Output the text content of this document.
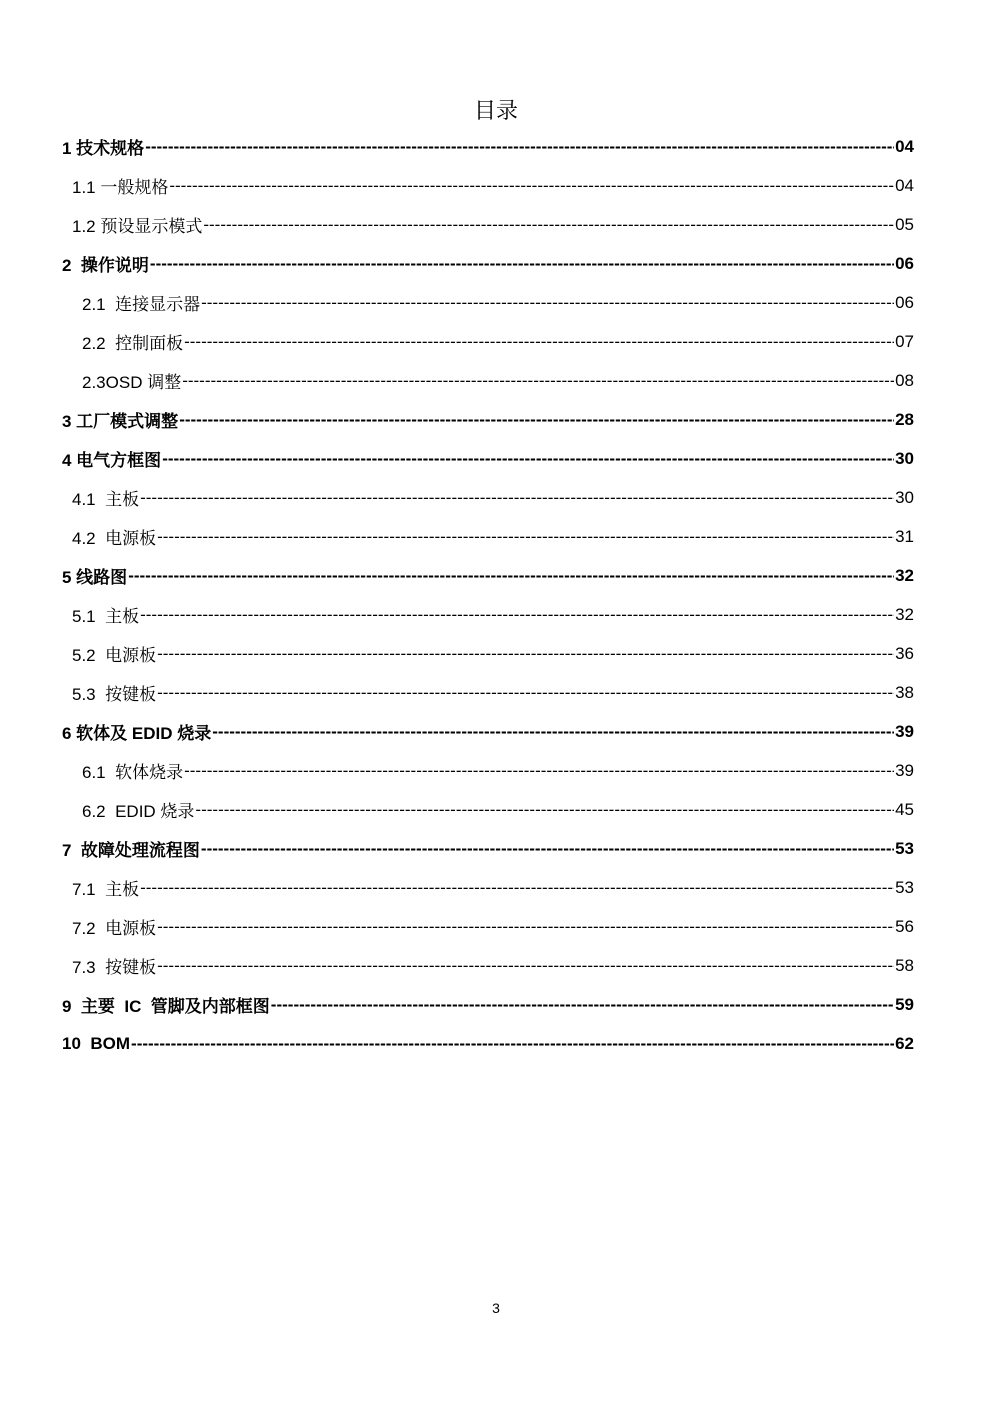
目录
1 技术规格 -----	04
1.1 一般规格 -----	04
1.2 预设显示模式 -----	05
2  操作说明 -----	06
2.1  连接显示器 -----	06
2.2  控制面板 -----	07
2.3OSD 调整 -----	08
3 工厂模式调整 -----	28
4 电气方框图 -----	30
4.1  主板 -----	30
4.2  电源板 -----	31
5 线路图 -----	32
5.1  主板 -----	32
5.2  电源板 -----	36
5.3  按键板 -----	38
6 软体及 EDID 烧录 -----	39
6.1  软体烧录 -----	39
6.2  EDID 烧录 -----	45
7  故障处理流程图 -----	53
7.1  主板 -----	53
7.2  电源板 -----	56
7.3  按键板 -----	58
9  主要  IC  管脚及内部框图 -----	59
10  BOM -----	62
3
